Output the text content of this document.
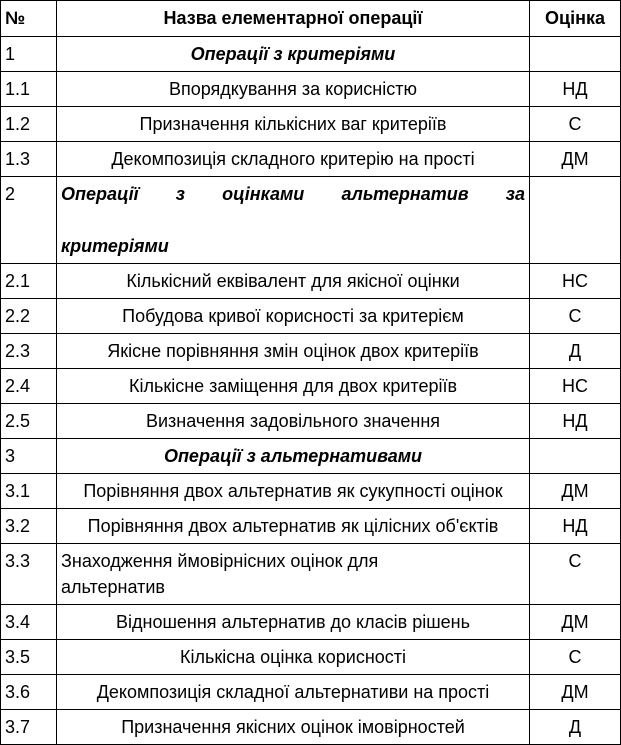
№	Назва елементарної операції	Оцінка
1	Операції з критеріями	
1.1	Впорядкування за корисністю	НД
1.2	Призначення кількісних ваг критеріїв	С
1.3	Декомпозиція складного критерію на прості	ДМ
2	Операції з оцінками альтернатив за
критеріями	

2.1	Кількісний еквівалент для якісної оцінки	НС
2.2	Побудова кривої корисності за критерієм	С
2.3	Якісне порівняння змін оцінок двох критеріїв	Д
2.4	Кількісне заміщення для двох критеріїв	НС
2.5	Визначення задовільного значення	НД
3	Операції з альтернативами	
3.1	Порівняння двох альтернатив як сукупності оцінок	ДМ
3.2	Порівняння двох альтернатив як цілісних об'єктів	НД
3.3	Знаходження ймовірнісних оцінок для
альтернатив	С
3.4	Відношення альтернатив до класів рішень	ДМ
3.5	Кількісна оцінка корисності	С
3.6	Декомпозиція складної альтернативи на прості	ДМ
3.7	Призначення якісних оцінок імовірностей	Д
